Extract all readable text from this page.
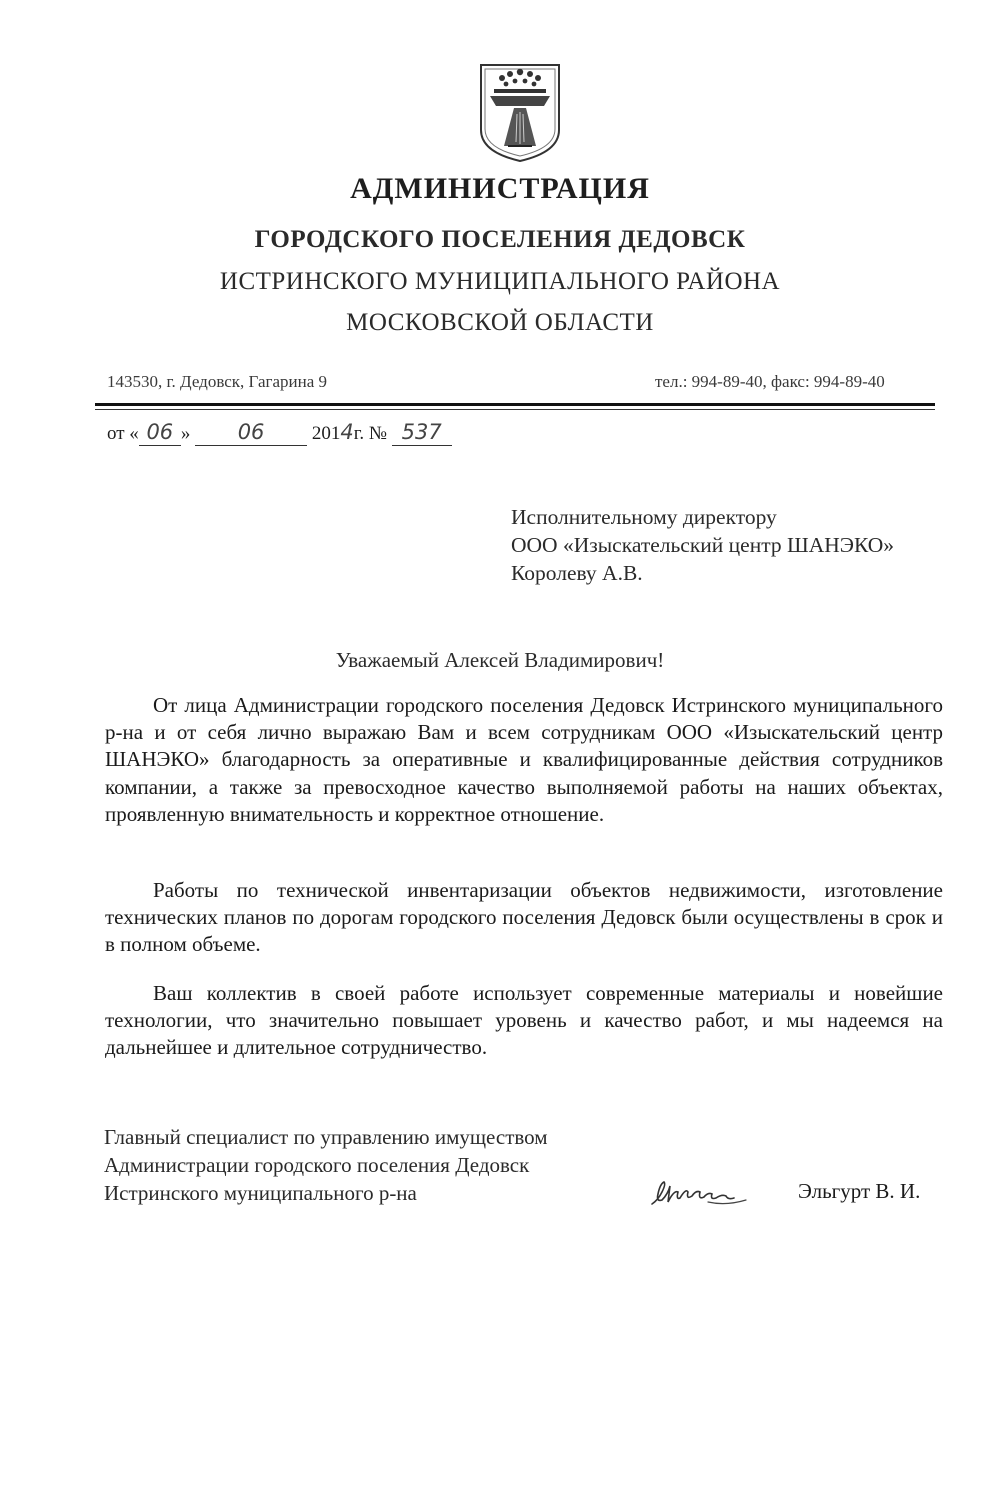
АДМИНИСТРАЦИЯ
ГОРОДСКОГО ПОСЕЛЕНИЯ ДЕДОВСК
ИСТРИНСКОГО МУНИЦИПАЛЬНОГО РАЙОНА
МОСКОВСКОЙ ОБЛАСТИ
143530, г. Дедовск, Гагарина 9	тел.: 994-89-40, факс: 994-89-40
от « 06 » 06 2014г. № 537
Исполнительному директору
ООО «Изыскательский центр ШАНЭКО»
Королеву А.В.
Уважаемый Алексей Владимирович!
От лица Администрации городского поселения Дедовск Истринского муниципального р-на и от себя лично выражаю Вам и всем сотрудникам ООО «Изыскательский центр ШАНЭКО» благодарность за оперативные и квалифицированные действия сотрудников компании, а также за превосходное качество выполняемой работы на наших объектах, проявленную внимательность и корректное отношение.
Работы по технической инвентаризации объектов недвижимости, изготовление технических планов по дорогам городского поселения Дедовск были осуществлены в срок и в полном объеме.
Ваш коллектив в своей работе использует современные материалы и новейшие технологии, что значительно повышает уровень и качество работ, и мы надеемся на дальнейшее и длительное сотрудничество.
Главный специалист по управлению имуществом
Администрации городского поселения Дедовск
Истринского муниципального р-на	Эльгурт В. И.
